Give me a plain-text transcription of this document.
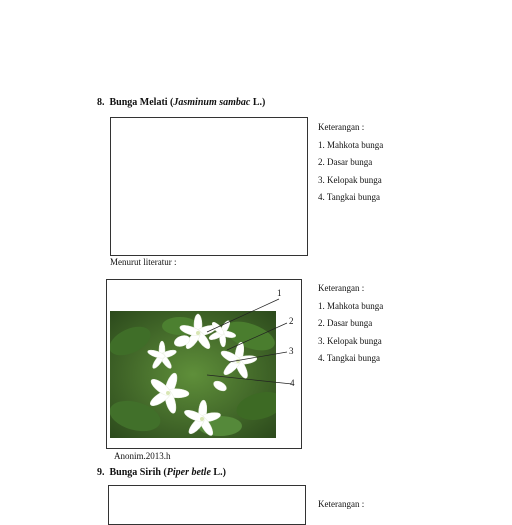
8. Bunga Melati (Jasminum sambac L.)
Keterangan :
1. Mahkota bunga
2. Dasar bunga
3. Kelopak bunga
4. Tangkai bunga
Menurut literatur :
1
2
3
4
Keterangan :
1. Mahkota bunga
2. Dasar bunga
3. Kelopak bunga
4. Tangkai bunga
Anonim.2013.h
9. Bunga Sirih (Piper betle L.)
Keterangan :
